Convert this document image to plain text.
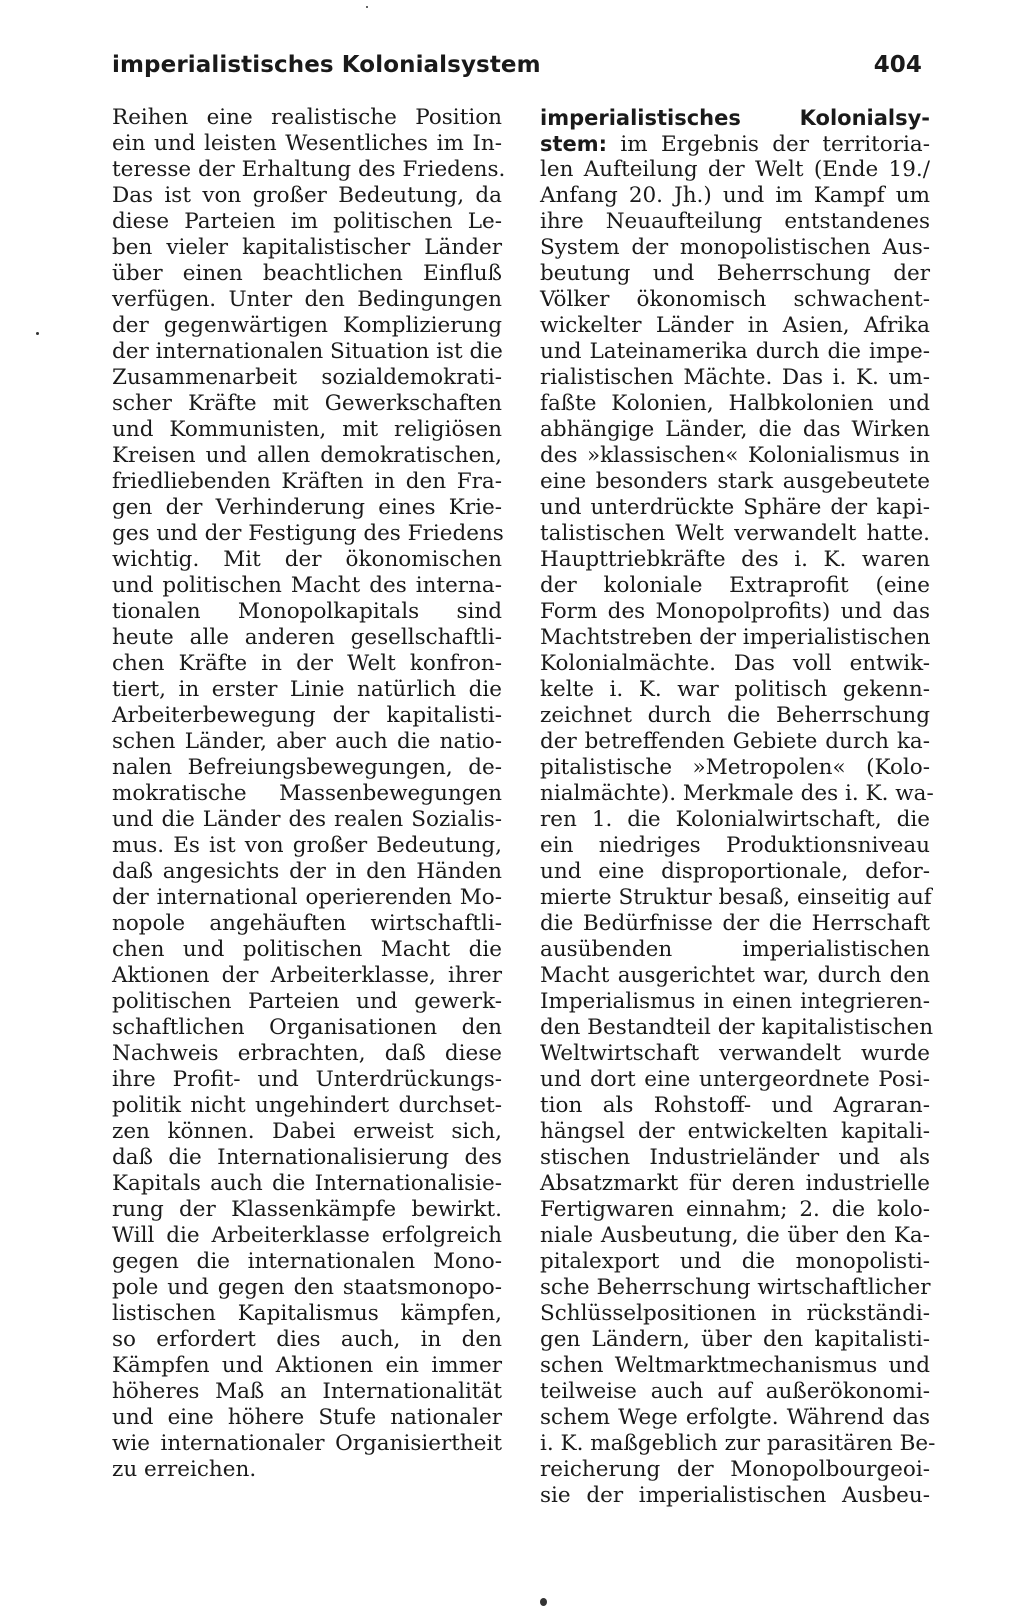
imperialistisches Kolonialsystem	404
Reihen eine realistische Position
ein und leisten Wesentliches im In-
teresse der Erhaltung des Friedens.
Das ist von großer Bedeutung, da
diese Parteien im politischen Le-
ben vieler kapitalistischer Länder
über einen beachtlichen Einfluß
verfügen. Unter den Bedingungen
der gegenwärtigen Komplizierung
der internationalen Situation ist die
Zusammenarbeit sozialdemokrati-
scher Kräfte mit Gewerkschaften
und Kommunisten, mit religiösen
Kreisen und allen demokratischen,
friedliebenden Kräften in den Fra-
gen der Verhinderung eines Krie-
ges und der Festigung des Friedens
wichtig. Mit der ökonomischen
und politischen Macht des interna-
tionalen Monopolkapitals sind
heute alle anderen gesellschaftli-
chen Kräfte in der Welt konfron-
tiert, in erster Linie natürlich die
Arbeiterbewegung der kapitalisti-
schen Länder, aber auch die natio-
nalen Befreiungsbewegungen, de-
mokratische Massenbewegungen
und die Länder des realen Sozialis-
mus. Es ist von großer Bedeutung,
daß angesichts der in den Händen
der international operierenden Mo-
nopole angehäuften wirtschaftli-
chen und politischen Macht die
Aktionen der Arbeiterklasse, ihrer
politischen Parteien und gewerk-
schaftlichen Organisationen den
Nachweis erbrachten, daß diese
ihre Profit- und Unterdrückungs-
politik nicht ungehindert durchset-
zen können. Dabei erweist sich,
daß die Internationalisierung des
Kapitals auch die Internationalisie-
rung der Klassenkämpfe bewirkt.
Will die Arbeiterklasse erfolgreich
gegen die internationalen Mono-
pole und gegen den staatsmonopo-
listischen Kapitalismus kämpfen,
so erfordert dies auch, in den
Kämpfen und Aktionen ein immer
höheres Maß an Internationalität
und eine höhere Stufe nationaler
wie internationaler Organisiertheit
zu erreichen.
imperialistisches Kolonialsy-
stem: im Ergebnis der territoria-
len Aufteilung der Welt (Ende 19./
Anfang 20. Jh.) und im Kampf um
ihre Neuaufteilung entstandenes
System der monopolistischen Aus-
beutung und Beherrschung der
Völker ökonomisch schwachent-
wickelter Länder in Asien, Afrika
und Lateinamerika durch die impe-
rialistischen Mächte. Das i. K. um-
faßte Kolonien, Halbkolonien und
abhängige Länder, die das Wirken
des »klassischen« Kolonialismus in
eine besonders stark ausgebeutete
und unterdrückte Sphäre der kapi-
talistischen Welt verwandelt hatte.
Haupttriebkräfte des i. K. waren
der koloniale Extraprofit (eine
Form des Monopolprofits) und das
Machtstreben der imperialistischen
Kolonialmächte. Das voll entwik-
kelte i. K. war politisch gekenn-
zeichnet durch die Beherrschung
der betreffenden Gebiete durch ka-
pitalistische »Metropolen« (Kolo-
nialmächte). Merkmale des i. K. wa-
ren 1. die Kolonialwirtschaft, die
ein niedriges Produktionsniveau
und eine disproportionale, defor-
mierte Struktur besaß, einseitig auf
die Bedürfnisse der die Herrschaft
ausübenden imperialistischen
Macht ausgerichtet war, durch den
Imperialismus in einen integrieren-
den Bestandteil der kapitalistischen
Weltwirtschaft verwandelt wurde
und dort eine untergeordnete Posi-
tion als Rohstoff- und Agraran-
hängsel der entwickelten kapitali-
stischen Industrieländer und als
Absatzmarkt für deren industrielle
Fertigwaren einnahm; 2. die kolo-
niale Ausbeutung, die über den Ka-
pitalexport und die monopolisti-
sche Beherrschung wirtschaftlicher
Schlüsselpositionen in rückständi-
gen Ländern, über den kapitalisti-
schen Weltmarktmechanismus und
teilweise auch auf außerökonomi-
schem Wege erfolgte. Während das
i. K. maßgeblich zur parasitären Be-
reicherung der Monopolbourgeoi-
sie der imperialistischen Ausbeu-
